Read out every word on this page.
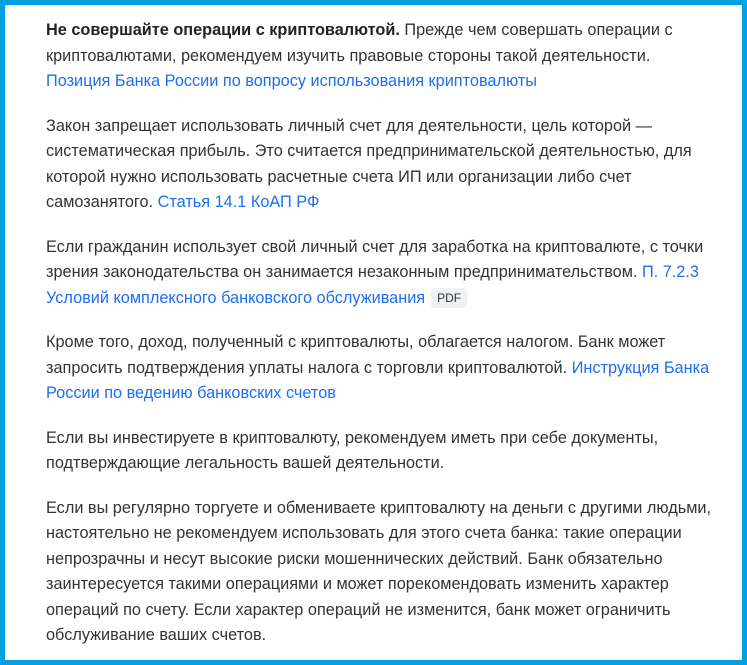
Не совершайте операции с криптовалютой. Прежде чем совершать операции с криптовалютами, рекомендуем изучить правовые стороны такой деятельности. Позиция Банка России по вопросу использования криптовалюты

Закон запрещает использовать личный счет для деятельности, цель которой — систематическая прибыль. Это считается предпринимательской деятельностью, для которой нужно использовать расчетные счета ИП или организации либо счет самозанятого. Статья 14.1 КоАП РФ

Если гражданин использует свой личный счет для заработка на криптовалюте, с точки зрения законодательства он занимается незаконным предпринимательством. П. 7.2.3 Условий комплексного банковского обслуживания PDF

Кроме того, доход, полученный с криптовалюты, облагается налогом. Банк может запросить подтверждения уплаты налога с торговли криптовалютой. Инструкция Банка России по ведению банковских счетов

Если вы инвестируете в криптовалюту, рекомендуем иметь при себе документы, подтверждающие легальность вашей деятельности.

Если вы регулярно торгуете и обмениваете криптовалюту на деньги с другими людьми, настоятельно не рекомендуем использовать для этого счета банка: такие операции непрозрачны и несут высокие риски мошеннических действий. Банк обязательно заинтересуется такими операциями и может порекомендовать изменить характер операций по счету. Если характер операций не изменится, банк может ограничить обслуживание ваших счетов.
